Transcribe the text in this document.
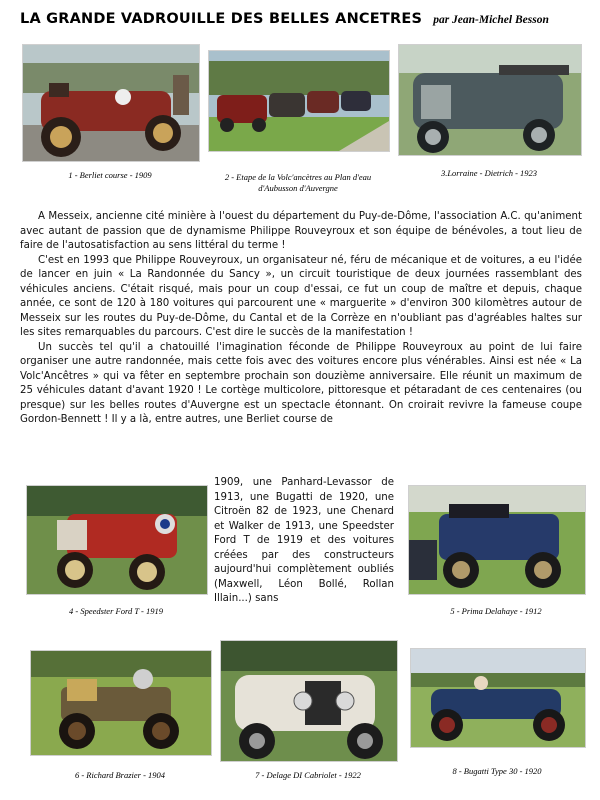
LA GRANDE VADROUILLE DES BELLES ANCETRES par Jean-Michel Besson
1 - Berliet course - 1909	2 - Etape de la Volc'ancètres au Plan d'eau d'Aubusson d'Auvergne
3.Lorraine - Dietrich - 1923

A Messeix, ancienne cité minière à l'ouest du département du Puy-de-Dôme, l'association A.C. qu'animent avec autant de passion que de dynamisme Philippe Rouveyroux et son équipe de bénévoles, a tout lieu de faire de l'autosatisfaction au sens littéral du terme !

C'est en 1993 que Philippe Rouveyroux, un organisateur né, féru de mécanique et de voitures, a eu l'idée de lancer en juin « La Randonnée du Sancy », un circuit touristique de deux journées rassemblant des véhicules anciens. C'était risqué, mais pour un coup d'essai, ce fut un coup de maître et depuis, chaque année, ce sont de 120 à 180 voitures qui parcourent une « marguerite » d'environ 300 kilomètres autour de Messeix sur les routes du Puy-de-Dôme, du Cantal et de la Corrèze en n'oubliant pas d'agréables haltes sur les sites remarquables du parcours. C'est dire le succès de la manifestation !

Un succès tel qu'il a chatouillé l'imagination féconde de Philippe Rouveyroux au point de lui faire organiser une autre randonnée, mais cette fois avec des voitures encore plus vénérables. Ainsi est née « La Volc'Ancêtres » qui va fêter en septembre prochain son douzième anniversaire. Elle réunit un maximum de 25 véhicules datant d'avant 1920 ! Le cortège multicolore, pittoresque et pétaradant de ces centenaires (ou presque) sur les belles routes d'Auvergne est un spectacle étonnant. On croirait revivre la fameuse coupe Gordon-Bennett ! Il y a là, entre autres, une Berliet course de

4 - Speedster Ford T - 1919

1909, une Panhard-Levassor de 1913, une Bugatti de 1920, une Citroën 82 de 1923, une Chenard et Walker de 1913, une Speedster Ford T de 1919 et des voitures créées par des constructeurs aujourd'hui complètement oubliés (Maxwell, Léon Bollé, Rollan Illain...) sans

5 - Prima Delahaye - 1912
6 - Richard Brazier - 1904	7 - Delage DI Cabriolet - 1922	8 - Bugatti Type 30 - 1920
